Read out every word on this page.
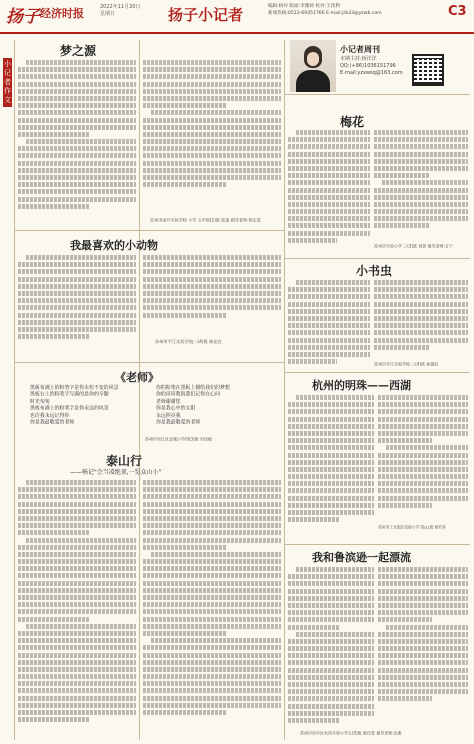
扬子 经济时报	2022年11月20日
星期日	扬子小记者	编辑:杨玲 版面:李雅莉 校对:王伟利
新闻热线:0512-69351766 E-mail:jrb33@yzwb.com	C3
小记者作文
小记者周刊
本期主持:杨洋洋
QQ:(+86)1036151796
E-mail:yzxwsq@163.com
梦之源
苏州市南开实验学校 小学 五年级(1)班 陆嘉 指导老师:徐志雯
梅花
苏州市实验小学 三(3)班 刘萱 指导老师:方宁
我最喜欢的小动物
苏州市平江实验学校二(4)班 陈佳宜
《老师》
黑板布满上的粉笔字是你永恒不变的风景
黑板右上的粉笔字写满的是你的辛勤
时光匆匆
黑板布满上的粉笔字是你永远的风景
也许我永远记得你
你是我最敬爱的老师
你的粉笔在黑板上描绘我们的梦想
你的谆谆教诲我们记得在心间
老师谢谢您
你是我心中的太阳
永远照亮我
你是我最敬爱的老师
苏州市吴江区北城小学四(3)班 吴佳妮
小书虫
苏州市平江实验学校 三(4)班 孙越宸
泰山行
——畅记"会当凌绝顶,一览众山小"
杭州的明珠——西湖
苏州市工业园区星海小学 四(1)班 杨若菲
我和鲁滨逊一起漂流
苏州市吴中区木渎实验小学五(5)班 陈佳萱 指导老师:沈燕
